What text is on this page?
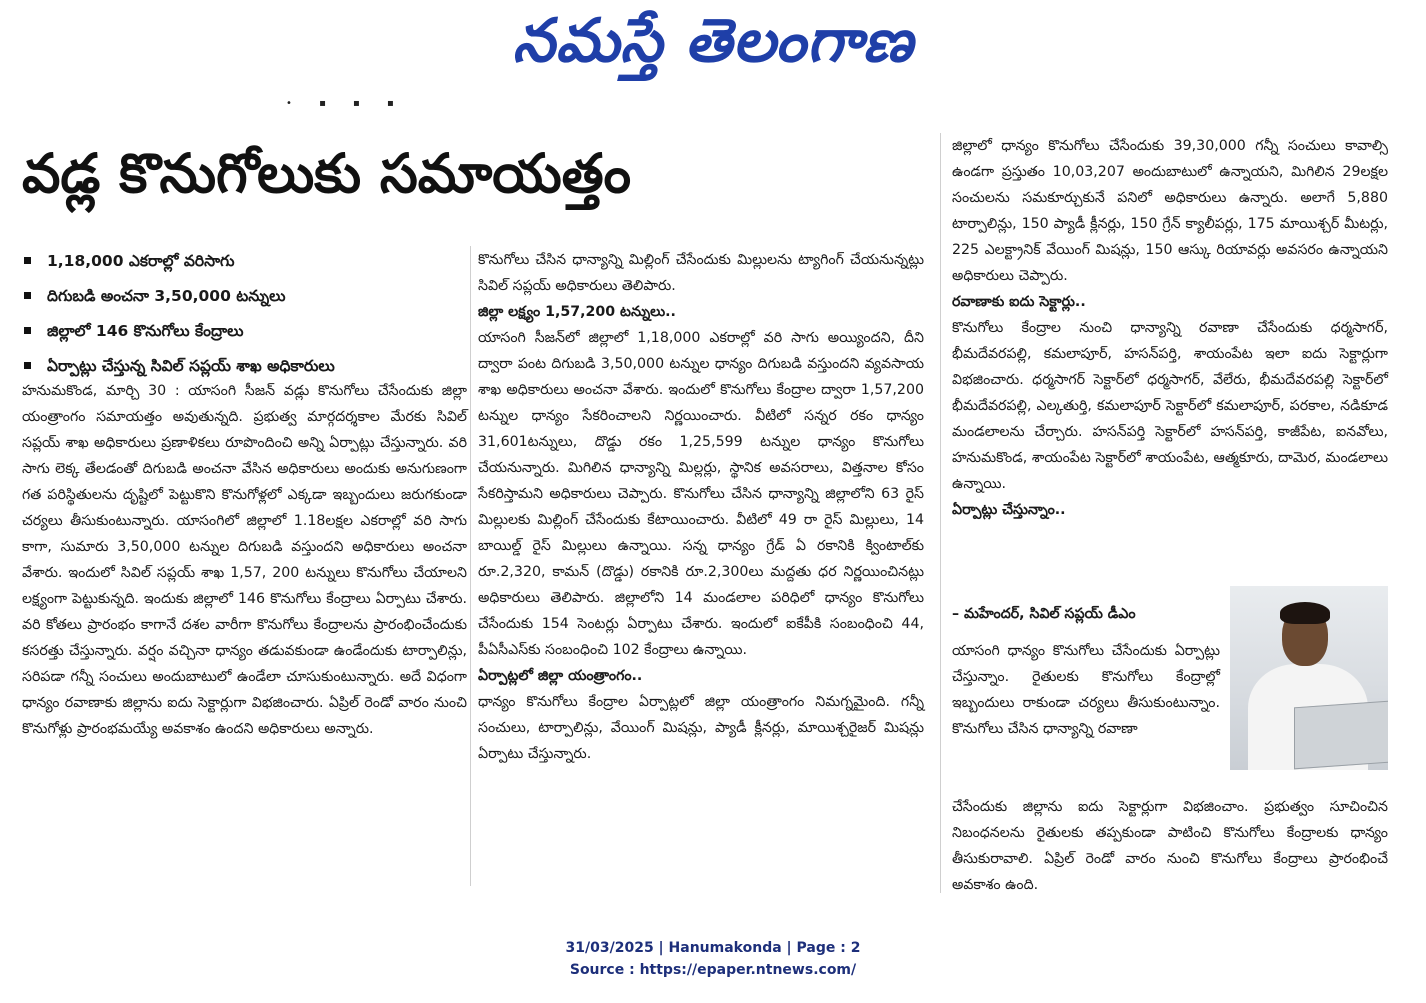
నమస్తే తెలంగాణ
• ▪ ▪ ▪
వడ్ల కొనుగోలుకు సమాయత్తం
1,18,000 ఎకరాల్లో వరిసాగు
దిగుబడి అంచనా 3,50,000 టన్నులు
జిల్లాలో 146 కొనుగోలు కేంద్రాలు
ఏర్పాట్లు చేస్తున్న సివిల్ సప్లయ్ శాఖ అధికారులు

హనుమకొండ, మార్చి 30 : యాసంగి సీజన్ వడ్లు కొనుగోలు చేసేందుకు జిల్లా యంత్రాంగం సమాయత్తం అవుతున్నది. ప్రభుత్వ మార్గదర్శకాల మేరకు సివిల్ సప్లయ్ శాఖ అధికారులు ప్రణాళికలు రూపొందించి అన్ని ఏర్పాట్లు చేస్తున్నారు. వరి సాగు లెక్క తేలడంతో దిగుబడి అంచనా వేసిన అధికారులు అందుకు అనుగుణంగా గత పరిస్థితులను దృష్టిలో పెట్టుకొని కొనుగోళ్లలో ఎక్కడా ఇబ్బందులు జరుగకుండా చర్యలు తీసుకుంటున్నారు. యాసంగిలో జిల్లాలో 1.18లక్షల ఎకరాల్లో వరి సాగు కాగా, సుమారు 3,50,000 టన్నుల దిగుబడి వస్తుందని అధికారులు అంచనా వేశారు. ఇందులో సివిల్ సప్లయ్ శాఖ 1,57, 200 టన్నులు కొనుగోలు చేయాలని లక్ష్యంగా పెట్టుకున్నది. ఇందుకు జిల్లాలో 146 కొనుగోలు కేంద్రాలు ఏర్పాటు చేశారు. వరి కోతలు ప్రారంభం కాగానే దశల వారీగా కొనుగోలు కేంద్రాలను ప్రారంభించేందుకు కసరత్తు చేస్తున్నారు. వర్షం వచ్చినా ధాన్యం తడువకుండా ఉండేందుకు టార్పాలిన్లు, సరిపడా గన్నీ సంచులు అందుబాటులో ఉండేలా చూసుకుంటున్నారు. అదే విధంగా ధాన్యం రవాణాకు జిల్లాను ఐదు సెక్టార్లుగా విభజించారు. ఏప్రిల్ రెండో వారం నుంచి కొనుగోళ్లు ప్రారంభమయ్యే అవకాశం ఉందని అధికారులు అన్నారు.

కొనుగోలు చేసిన ధాన్యాన్ని మిల్లింగ్ చేసేందుకు మిల్లులను ట్యాగింగ్ చేయనున్నట్లు సివిల్ సప్లయ్ అధికారులు తెలిపారు.

జిల్లా లక్ష్యం 1,57,200 టన్నులు..

యాసంగి సీజన్‌లో జిల్లాలో 1,18,000 ఎకరాల్లో వరి సాగు అయ్యిందని, దీని ద్వారా పంట దిగుబడి 3,50,000 టన్నుల ధాన్యం దిగుబడి వస్తుందని వ్యవసాయ శాఖ అధికారులు అంచనా వేశారు. ఇందులో కొనుగోలు కేంద్రాల ద్వారా 1,57,200 టన్నుల ధాన్యం సేకరించాలని నిర్ణయించారు. వీటిలో సన్నర రకం ధాన్యం 31,601టన్నులు, దొడ్డు రకం 1,25,599 టన్నుల ధాన్యం కొనుగోలు చేయనున్నారు. మిగిలిన ధాన్యాన్ని మిల్లర్లు, స్థానిక అవసరాలు, విత్తనాల కోసం సేకరిస్తామని అధికారులు చెప్పారు. కొనుగోలు చేసిన ధాన్యాన్ని జిల్లాలోని 63 రైస్ మిల్లులకు మిల్లింగ్ చేసేందుకు కేటాయించారు. వీటిలో 49 రా రైస్ మిల్లులు, 14 బాయిల్డ్ రైస్ మిల్లులు ఉన్నాయి. సన్న ధాన్యం గ్రేడ్ ఏ రకానికి క్వింటాల్‌కు రూ.2,320, కామన్ (దొడ్డు) రకానికి రూ.2,300లు మద్దతు ధర నిర్ణయించినట్లు అధికారులు తెలిపారు. జిల్లాలోని 14 మండలాల పరిధిలో ధాన్యం కొనుగోలు చేసేందుకు 154 సెంటర్లు ఏర్పాటు చేశారు. ఇందులో ఐకేపీకి సంబంధించి 44, పీఏసీఎస్‌కు సంబంధించి 102 కేంద్రాలు ఉన్నాయి.

ఏర్పాట్లలో జిల్లా యంత్రాంగం..

ధాన్యం కొనుగోలు కేంద్రాల ఏర్పాట్లలో జిల్లా యంత్రాంగం నిమగ్నమైంది. గన్నీ సంచులు, టార్పాలిన్లు, వేయింగ్ మిషన్లు, ప్యాడీ క్లీనర్లు, మాయిశ్చరైజర్ మిషన్లు ఏర్పాటు చేస్తున్నారు.

జిల్లాలో ధాన్యం కొనుగోలు చేసేందుకు 39,30,000 గన్నీ సంచులు కావాల్సి ఉండగా ప్రస్తుతం 10,03,207 అందుబాటులో ఉన్నాయని, మిగిలిన 29లక్షల సంచులను సమకూర్చుకునే పనిలో అధికారులు ఉన్నారు. అలాగే 5,880 టార్పాలిన్లు, 150 ప్యాడీ క్లీనర్లు, 150 గ్రేన్ క్యాలీపర్లు, 175 మాయిశ్చర్ మీటర్లు, 225 ఎలక్ట్రానిక్ వేయింగ్ మిషన్లు, 150 ఆస్కు రియావర్లు అవసరం ఉన్నాయని అధికారులు చెప్పారు.

రవాణాకు ఐదు సెక్టార్లు..

కొనుగోలు కేంద్రాల నుంచి ధాన్యాన్ని రవాణా చేసేందుకు ధర్మసాగర్, భీమదేవరపల్లి, కమలాపూర్, హసన్‌పర్తి, శాయంపేట ఇలా ఐదు సెక్టార్లుగా విభజించారు. ధర్మసాగర్ సెక్టార్‌లో ధర్మసాగర్, వేలేరు, భీమదేవరపల్లి సెక్టార్‌లో భీమదేవరపల్లి, ఎల్కతుర్తి, కమలాపూర్ సెక్టార్‌లో కమలాపూర్, పరకాల, నడికూడ మండలాలను చేర్చారు. హసన్‌పర్తి సెక్టార్‌లో హసన్‌పర్తి, కాజీపేట, ఐనవోలు, హనుమకొండ, శాయంపేట సెక్టార్‌లో శాయంపేట, ఆత్మకూరు, దామెర, మండలాలు ఉన్నాయి.

ఏర్పాట్లు చేస్తున్నాం..

– మహేందర్, సివిల్ సప్లయ్ డీఎం

యాసంగి ధాన్యం కొనుగోలు చేసేందుకు ఏర్పాట్లు చేస్తున్నాం. రైతులకు కొనుగోలు కేంద్రాల్లో ఇబ్బందులు రాకుండా చర్యలు తీసుకుంటున్నాం. కొనుగోలు చేసిన ధాన్యాన్ని రవాణా

చేసేందుకు జిల్లాను ఐదు సెక్టార్లుగా విభజించాం. ప్రభుత్వం సూచించిన నిబంధనలను రైతులకు తప్పకుండా పాటించి కొనుగోలు కేంద్రాలకు ధాన్యం తీసుకురావాలి. ఏప్రిల్ రెండో వారం నుంచి కొనుగోలు కేంద్రాలు ప్రారంభించే అవకాశం ఉంది.

31/03/2025 | Hanumakonda | Page : 2
Source : https://epaper.ntnews.com/
